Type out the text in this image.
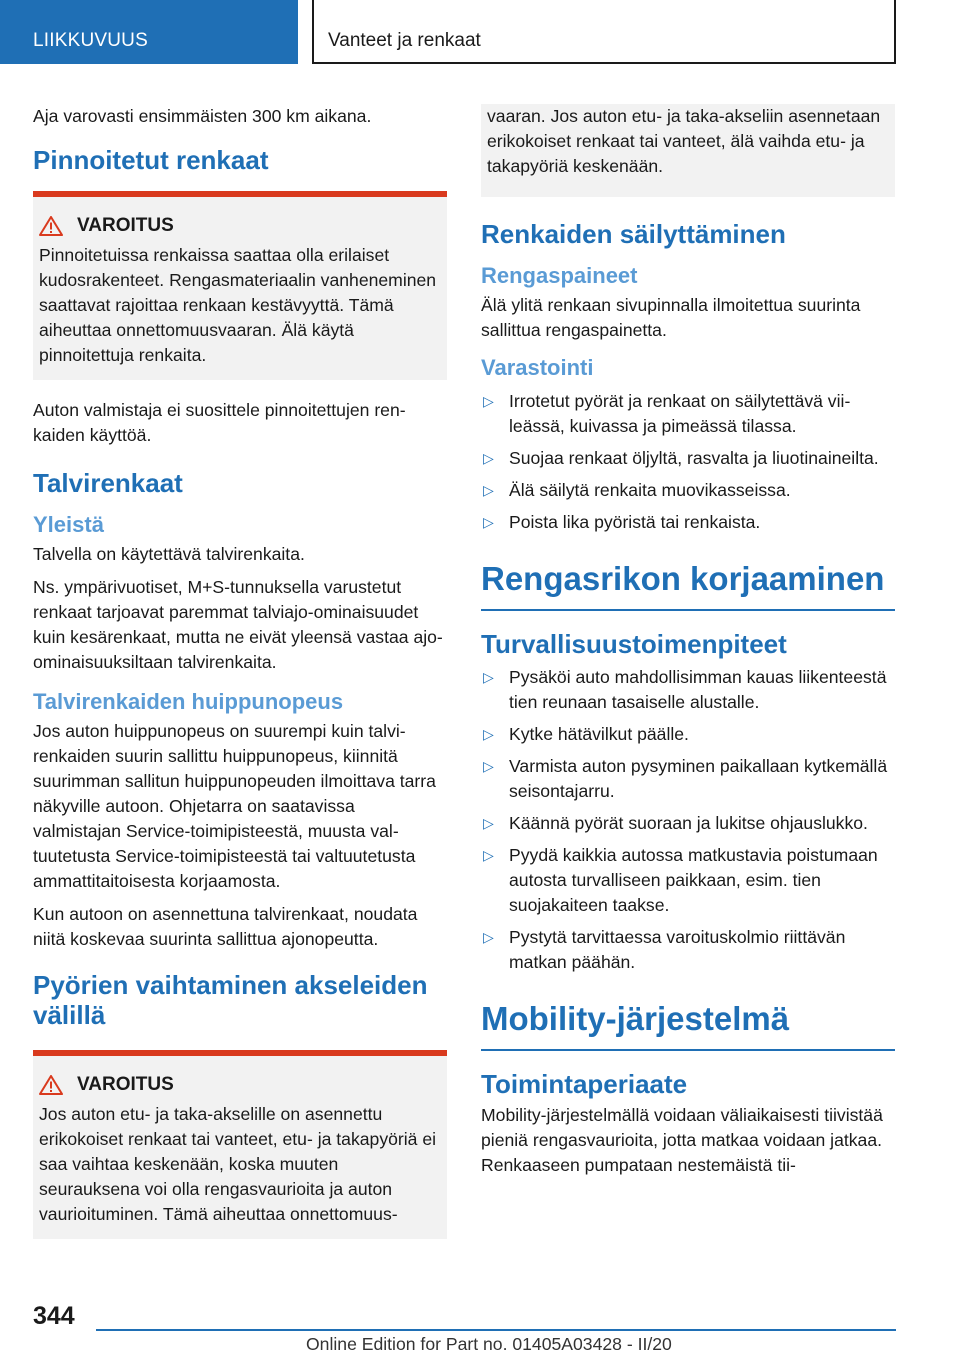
LIIKKUVUUS	Vanteet ja renkaat

Aja varovasti ensimmäisten 300 km aikana.

Pinnoitetut renkaat
VAROITUS

Pinnoitetuissa renkaissa saattaa olla erilaiset kudosrakenteet. Rengasmateriaalin vanheneminen saattavat rajoittaa renkaan kestävyyttä. Tämä aiheuttaa onnettomuusvaaran. Älä käytä pinnoitettuja renkaita.

Auton valmistaja ei suosittele pinnoitettujen renkaiden käyttöä.

Talvirenkaat
Yleistä

Talvella on käytettävä talvirenkaita.

Ns. ympärivuotiset, M+S-tunnuksella varustetut renkaat tarjoavat paremmat talviajo-ominaisuudet kuin kesärenkaat, mutta ne eivät yleensä vastaa ajo-ominaisuuksiltaan talvirenkaita.

Talvirenkaiden huippunopeus

Jos auton huippunopeus on suurempi kuin talvirenkaiden suurin sallittu huippunopeus, kiinnitä suurimman sallitun huippunopeuden ilmoittava tarra näkyville autoon. Ohjetarra on saatavissa valmistajan Service-toimipisteestä, muusta valtuutetusta Service-toimipisteestä tai valtuutetusta ammattitaitoisesta korjaamosta.

Kun autoon on asennettuna talvirenkaat, noudata niitä koskevaa suurinta sallittua ajonopeutta.

Pyörien vaihtaminen akseleiden välillä
VAROITUS

Jos auton etu- ja taka-akselille on asennettu erikokoiset renkaat tai vanteet, etu- ja takapyöriä ei saa vaihtaa keskenään, koska muuten seurauksena voi olla rengasvaurioita ja auton vaurioituminen. Tämä aiheuttaa onnettomuus-

vaaran. Jos auton etu- ja taka-akseliin asennetaan erikokoiset renkaat tai vanteet, älä vaihda etu- ja takapyöriä keskenään.

Renkaiden säilyttäminen
Rengaspaineet

Älä ylitä renkaan sivupinnalla ilmoitettua suurinta sallittua rengaspainetta.

Varastointi
▷ Irrotetut pyörät ja renkaat on säilytettävä viileässä, kuivassa ja pimeässä tilassa.
▷ Suojaa renkaat öljyltä, rasvalta ja liuotinaineilta.
▷ Älä säilytä renkaita muovikasseissa.
▷ Poista lika pyöristä tai renkaista.
Rengasrikon korjaaminen
Turvallisuustoimenpiteet
▷ Pysäköi auto mahdollisimman kauas liikenteestä tien reunaan tasaiselle alustalle.
▷ Kytke hätävilkut päälle.
▷ Varmista auton pysyminen paikallaan kytkemällä seisontajarru.
▷ Käännä pyörät suoraan ja lukitse ohjauslukko.
▷ Pyydä kaikkia autossa matkustavia poistumaan autosta turvalliseen paikkaan, esim. tien suojakaiteen taakse.
▷ Pystytä tarvittaessa varoituskolmio riittävän matkan päähän.
Mobility-järjestelmä
Toimintaperiaate

Mobility-järjestelmällä voidaan väliaikaisesti tiivistää pieniä rengasvaurioita, jotta matkaa voidaan jatkaa. Renkaaseen pumpataan nestemäistä tii-

344
Online Edition for Part no. 01405A03428 - II/20
